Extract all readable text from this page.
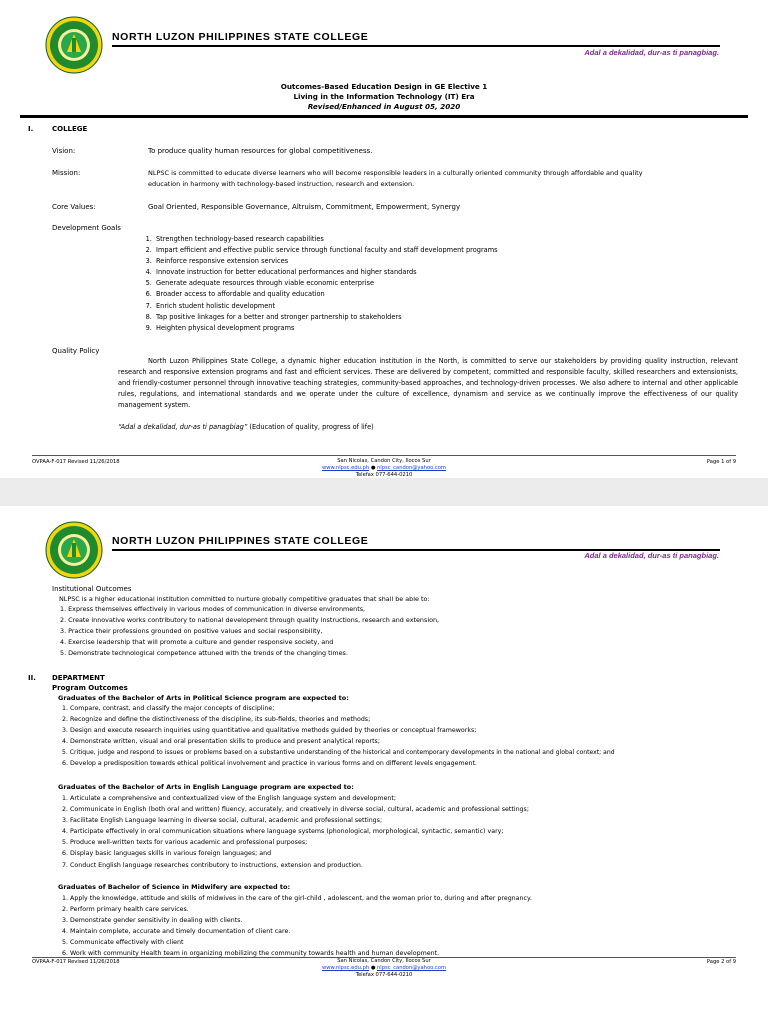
NORTH LUZON PHILIPPINES STATE COLLEGE
Adal a dekalidad, dur-as ti panagbiag.
Outcomes-Based Education Design in GE Elective 1
Living in the Information Technology (IT) Era
Revised/Enhanced in August 05, 2020
I.	COLLEGE
Vision:	To produce quality human resources for global competitiveness.
Mission:	NLPSC is committed to educate diverse learners who will become responsible leaders in a culturally oriented community through affordable and quality
education in harmony with technology-based instruction, research and extension.
Core Values:	Goal Oriented, Responsible Governance, Altruism, Commitment, Empowerment, Synergy
Development Goals
1. Strengthen technology-based research capabilities
2. Impart efficient and effective public service through functional faculty and staff development programs
3. Reinforce responsive extension services
4. Innovate instruction for better educational performances and higher standards
5. Generate adequate resources through viable economic enterprise
6. Broader access to affordable and quality education
7. Enrich student holistic development
8. Tap positive linkages for a better and stronger partnership to stakeholders
9. Heighten physical development programs
Quality Policy
North Luzon Philippines State College, a dynamic higher education institution in the North, is committed to serve our stakeholders by providing quality instruction, relevant research and responsive extension programs and fast and efficient services. These are delivered by competent, committed and responsible faculty, skilled researchers and extensionists, and friendly-costumer personnel through innovative teaching strategies, community-based approaches, and technology-driven processes. We also adhere to internal and other applicable rules, regulations, and international standards and we operate under the culture of excellence, dynamism and service as we continually improve the effectiveness of our quality management system.
“Adal a dekalidad, dur-as ti panagbiag” (Education of quality, progress of life)
OVPAA-F-017 Revised 11/26/2018	San Nicolas, Candon City, Ilocos Sur
www.nlpsc.edu.ph ● nlpsc_candon@yahoo.com
Telefax 077-644-0210
Page 1 of 9
NORTH LUZON PHILIPPINES STATE COLLEGE
Adal a dekalidad, dur-as ti panagbiag.
Institutional Outcomes
NLPSC is a higher educational institution committed to nurture globally competitive graduates that shall be able to:
1. Express themselves effectively in various modes of communication in diverse environments,
2. Create innovative works contributory to national development through quality instructions, research and extension,
3. Practice their professions grounded on positive values and social responsibility,
4. Exercise leadership that will promote a culture and gender responsive society, and
5. Demonstrate technological competence attuned with the trends of the changing times.
II. DEPARTMENT
Program Outcomes
Graduates of the Bachelor of Arts in Political Science program are expected to:
1. Compare, contrast, and classify the major concepts of discipline;
2. Recognize and define the distinctiveness of the discipline, its sub-fields, theories and methods;
3. Design and execute research inquiries using quantitative and qualitative methods guided by theories or conceptual frameworks;
4. Demonstrate written, visual and oral presentation skills to produce and present analytical reports;
5. Critique, judge and respond to issues or problems based on a substantive understanding of the historical and contemporary developments in the national and global context; and
6. Develop a predisposition towards ethical political involvement and practice in various forms and on different levels engagement.
Graduates of the Bachelor of Arts in English Language program are expected to:
1. Articulate a comprehensive and contextualized view of the English language system and development;
2. Communicate in English (both oral and written) fluency, accurately, and creatively in diverse social, cultural, academic and professional settings;
3. Facilitate English Language learning in diverse social, cultural, academic and professional settings;
4. Participate effectively in oral communication situations where language systems (phonological, morphological, syntactic, semantic) vary;
5. Produce well-written texts for various academic and professional purposes;
6. Display basic languages skills in various foreign languages; and
7. Conduct English language researches contributory to instructions, extension and production.
Graduates of Bachelor of Science in Midwifery are expected to:
1. Apply the knowledge, attitude and skills of midwives in the care of the girl-child , adolescent, and the woman prior to, during and after pregnancy.
2. Perform primary health care services.
3. Demonstrate gender sensitivity in dealing with clients.
4. Maintain complete, accurate and timely documentation of client care.
5. Communicate effectively with client
6. Work with community Health team in organizing mobilizing the community towards health and human development.
OVPAA-F-017 Revised 11/26/2018	San Nicolas, Candon City, Ilocos Sur
www.nlpsc.edu.ph ● nlpsc_candon@yahoo.com
Telefax 077-644-0210
Page 2 of 9
